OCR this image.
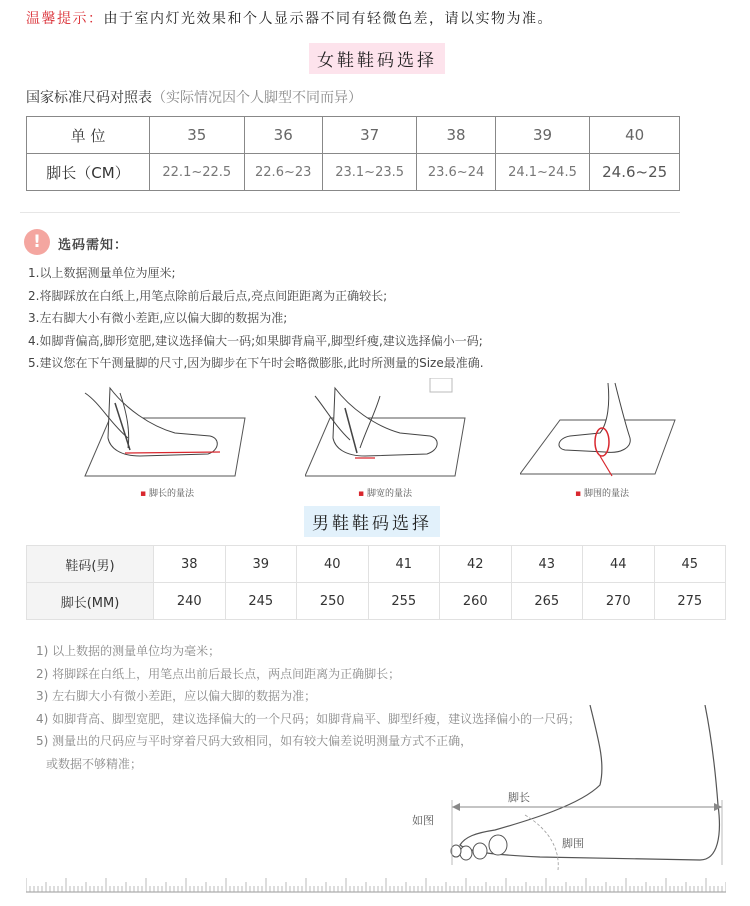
温馨提示：由于室内灯光效果和个人显示器不同有轻微色差，请以实物为准。
女鞋鞋码选择
国家标准尺码对照表（实际情况因个人脚型不同而异）
单 位	35	36	37	38	39	40
脚长（CM）	22.1~22.5	22.6~23	23.1~23.5	23.6~24	24.1~24.5	24.6~25
!	选码需知：
1.以上数据测量单位为厘米;
2.将脚踩放在白纸上,用笔点除前后最后点,亮点间距距离为正确较长;
3.左右脚大小有微小差距,应以偏大脚的数据为准;
4.如脚背偏高,脚形宽肥,建议选择偏大一码;如果脚背扁平,脚型纤瘦,建议选择偏小一码;
5.建议您在下午测量脚的尺寸,因为脚步在下午时会略微膨胀,此时所测量的Size最准确.
▪ 脚长的量法	▪ 脚宽的量法	▪ 脚围的量法
男鞋鞋码选择
鞋码(男)	38	39	40	41	42	43	44	45
脚长(MM)	240	245	250	255	260	265	270	275
脚长
脚围
如图
1) 以上数据的测量单位均为毫米；
2) 将脚踩在白纸上，用笔点出前后最长点，两点间距离为正确脚长；
3) 左右脚大小有微小差距，应以偏大脚的数据为准；
4) 如脚背高、脚型宽肥，建议选择偏大的一个尺码；如脚背扁平、脚型纤瘦，建议选择偏小的一尺码；
5) 测量出的尺码应与平时穿着尺码大致相同，如有较大偏差说明测量方式不正确，
或数据不够精准；
